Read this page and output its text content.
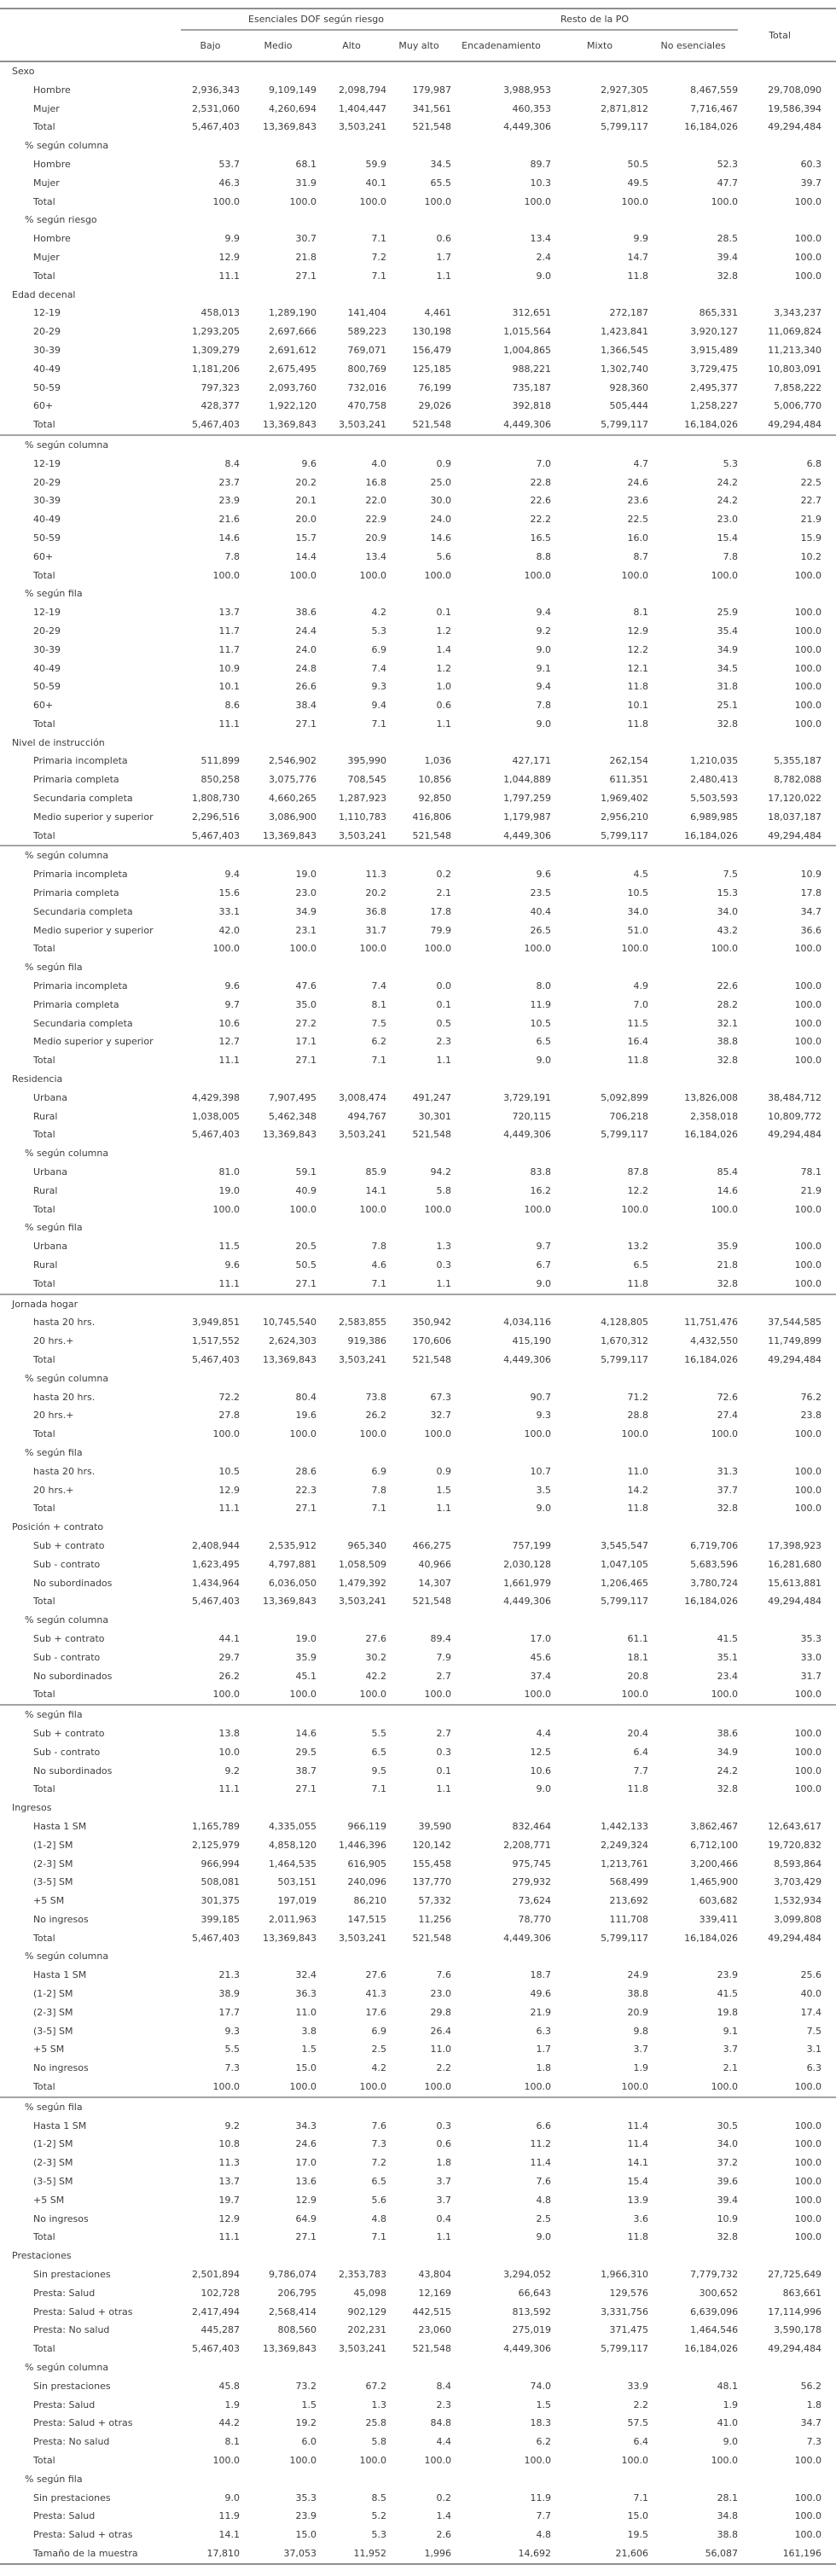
	Esenciales DOF según riesgo				Resto de la PO			Total
	Bajo	Medio	Alto	Muy alto	Encadenamiento	Mixto	No esenciales	
Sexo								
Hombre	2,936,343	9,109,149	2,098,794	179,987	3,988,953	2,927,305	8,467,559	29,708,090
Mujer	2,531,060	4,260,694	1,404,447	341,561	460,353	2,871,812	7,716,467	19,586,394
Total	5,467,403	13,369,843	3,503,241	521,548	4,449,306	5,799,117	16,184,026	49,294,484
% según columna								
Hombre	53.7	68.1	59.9	34.5	89.7	50.5	52.3	60.3
Mujer	46.3	31.9	40.1	65.5	10.3	49.5	47.7	39.7
Total	100.0	100.0	100.0	100.0	100.0	100.0	100.0	100.0
% según riesgo								
Hombre	9.9	30.7	7.1	0.6	13.4	9.9	28.5	100.0
Mujer	12.9	21.8	7.2	1.7	2.4	14.7	39.4	100.0
Total	11.1	27.1	7.1	1.1	9.0	11.8	32.8	100.0
Edad decenal								
12-19	458,013	1,289,190	141,404	4,461	312,651	272,187	865,331	3,343,237
20-29	1,293,205	2,697,666	589,223	130,198	1,015,564	1,423,841	3,920,127	11,069,824
30-39	1,309,279	2,691,612	769,071	156,479	1,004,865	1,366,545	3,915,489	11,213,340
40-49	1,181,206	2,675,495	800,769	125,185	988,221	1,302,740	3,729,475	10,803,091
50-59	797,323	2,093,760	732,016	76,199	735,187	928,360	2,495,377	7,858,222
60+	428,377	1,922,120	470,758	29,026	392,818	505,444	1,258,227	5,006,770
Total	5,467,403	13,369,843	3,503,241	521,548	4,449,306	5,799,117	16,184,026	49,294,484
% según columna								
12-19	8.4	9.6	4.0	0.9	7.0	4.7	5.3	6.8
20-29	23.7	20.2	16.8	25.0	22.8	24.6	24.2	22.5
30-39	23.9	20.1	22.0	30.0	22.6	23.6	24.2	22.7
40-49	21.6	20.0	22.9	24.0	22.2	22.5	23.0	21.9
50-59	14.6	15.7	20.9	14.6	16.5	16.0	15.4	15.9
60+	7.8	14.4	13.4	5.6	8.8	8.7	7.8	10.2
Total	100.0	100.0	100.0	100.0	100.0	100.0	100.0	100.0
% según fila								
12-19	13.7	38.6	4.2	0.1	9.4	8.1	25.9	100.0
20-29	11.7	24.4	5.3	1.2	9.2	12.9	35.4	100.0
30-39	11.7	24.0	6.9	1.4	9.0	12.2	34.9	100.0
40-49	10.9	24.8	7.4	1.2	9.1	12.1	34.5	100.0
50-59	10.1	26.6	9.3	1.0	9.4	11.8	31.8	100.0
60+	8.6	38.4	9.4	0.6	7.8	10.1	25.1	100.0
Total	11.1	27.1	7.1	1.1	9.0	11.8	32.8	100.0
Nivel de instrucción								
Primaria incompleta	511,899	2,546,902	395,990	1,036	427,171	262,154	1,210,035	5,355,187
Primaria completa	850,258	3,075,776	708,545	10,856	1,044,889	611,351	2,480,413	8,782,088
Secundaria completa	1,808,730	4,660,265	1,287,923	92,850	1,797,259	1,969,402	5,503,593	17,120,022
Medio superior y superior	2,296,516	3,086,900	1,110,783	416,806	1,179,987	2,956,210	6,989,985	18,037,187
Total	5,467,403	13,369,843	3,503,241	521,548	4,449,306	5,799,117	16,184,026	49,294,484
% según columna								
Primaria incompleta	9.4	19.0	11.3	0.2	9.6	4.5	7.5	10.9
Primaria completa	15.6	23.0	20.2	2.1	23.5	10.5	15.3	17.8
Secundaria completa	33.1	34.9	36.8	17.8	40.4	34.0	34.0	34.7
Medio superior y superior	42.0	23.1	31.7	79.9	26.5	51.0	43.2	36.6
Total	100.0	100.0	100.0	100.0	100.0	100.0	100.0	100.0
% según fila								
Primaria incompleta	9.6	47.6	7.4	0.0	8.0	4.9	22.6	100.0
Primaria completa	9.7	35.0	8.1	0.1	11.9	7.0	28.2	100.0
Secundaria completa	10.6	27.2	7.5	0.5	10.5	11.5	32.1	100.0
Medio superior y superior	12.7	17.1	6.2	2.3	6.5	16.4	38.8	100.0
Total	11.1	27.1	7.1	1.1	9.0	11.8	32.8	100.0
Residencia								
Urbana	4,429,398	7,907,495	3,008,474	491,247	3,729,191	5,092,899	13,826,008	38,484,712
Rural	1,038,005	5,462,348	494,767	30,301	720,115	706,218	2,358,018	10,809,772
Total	5,467,403	13,369,843	3,503,241	521,548	4,449,306	5,799,117	16,184,026	49,294,484
% según columna								
Urbana	81.0	59.1	85.9	94.2	83.8	87.8	85.4	78.1
Rural	19.0	40.9	14.1	5.8	16.2	12.2	14.6	21.9
Total	100.0	100.0	100.0	100.0	100.0	100.0	100.0	100.0
% según fila								
Urbana	11.5	20.5	7.8	1.3	9.7	13.2	35.9	100.0
Rural	9.6	50.5	4.6	0.3	6.7	6.5	21.8	100.0
Total	11.1	27.1	7.1	1.1	9.0	11.8	32.8	100.0
Jornada hogar								
hasta 20 hrs.	3,949,851	10,745,540	2,583,855	350,942	4,034,116	4,128,805	11,751,476	37,544,585
20 hrs.+	1,517,552	2,624,303	919,386	170,606	415,190	1,670,312	4,432,550	11,749,899
Total	5,467,403	13,369,843	3,503,241	521,548	4,449,306	5,799,117	16,184,026	49,294,484
% según columna								
hasta 20 hrs.	72.2	80.4	73.8	67.3	90.7	71.2	72.6	76.2
20 hrs.+	27.8	19.6	26.2	32.7	9.3	28.8	27.4	23.8
Total	100.0	100.0	100.0	100.0	100.0	100.0	100.0	100.0
% según fila								
hasta 20 hrs.	10.5	28.6	6.9	0.9	10.7	11.0	31.3	100.0
20 hrs.+	12.9	22.3	7.8	1.5	3.5	14.2	37.7	100.0
Total	11.1	27.1	7.1	1.1	9.0	11.8	32.8	100.0
Posición + contrato								
Sub + contrato	2,408,944	2,535,912	965,340	466,275	757,199	3,545,547	6,719,706	17,398,923
Sub - contrato	1,623,495	4,797,881	1,058,509	40,966	2,030,128	1,047,105	5,683,596	16,281,680
No subordinados	1,434,964	6,036,050	1,479,392	14,307	1,661,979	1,206,465	3,780,724	15,613,881
Total	5,467,403	13,369,843	3,503,241	521,548	4,449,306	5,799,117	16,184,026	49,294,484
% según columna								
Sub + contrato	44.1	19.0	27.6	89.4	17.0	61.1	41.5	35.3
Sub - contrato	29.7	35.9	30.2	7.9	45.6	18.1	35.1	33.0
No subordinados	26.2	45.1	42.2	2.7	37.4	20.8	23.4	31.7
Total	100.0	100.0	100.0	100.0	100.0	100.0	100.0	100.0
% según fila								
Sub + contrato	13.8	14.6	5.5	2.7	4.4	20.4	38.6	100.0
Sub - contrato	10.0	29.5	6.5	0.3	12.5	6.4	34.9	100.0
No subordinados	9.2	38.7	9.5	0.1	10.6	7.7	24.2	100.0
Total	11.1	27.1	7.1	1.1	9.0	11.8	32.8	100.0
Ingresos								
Hasta 1 SM	1,165,789	4,335,055	966,119	39,590	832,464	1,442,133	3,862,467	12,643,617
(1-2] SM	2,125,979	4,858,120	1,446,396	120,142	2,208,771	2,249,324	6,712,100	19,720,832
(2-3] SM	966,994	1,464,535	616,905	155,458	975,745	1,213,761	3,200,466	8,593,864
(3-5] SM	508,081	503,151	240,096	137,770	279,932	568,499	1,465,900	3,703,429
+5 SM	301,375	197,019	86,210	57,332	73,624	213,692	603,682	1,532,934
No ingresos	399,185	2,011,963	147,515	11,256	78,770	111,708	339,411	3,099,808
Total	5,467,403	13,369,843	3,503,241	521,548	4,449,306	5,799,117	16,184,026	49,294,484
% según columna								
Hasta 1 SM	21.3	32.4	27.6	7.6	18.7	24.9	23.9	25.6
(1-2] SM	38.9	36.3	41.3	23.0	49.6	38.8	41.5	40.0
(2-3] SM	17.7	11.0	17.6	29.8	21.9	20.9	19.8	17.4
(3-5] SM	9.3	3.8	6.9	26.4	6.3	9.8	9.1	7.5
+5 SM	5.5	1.5	2.5	11.0	1.7	3.7	3.7	3.1
No ingresos	7.3	15.0	4.2	2.2	1.8	1.9	2.1	6.3
Total	100.0	100.0	100.0	100.0	100.0	100.0	100.0	100.0
% según fila								
Hasta 1 SM	9.2	34.3	7.6	0.3	6.6	11.4	30.5	100.0
(1-2] SM	10.8	24.6	7.3	0.6	11.2	11.4	34.0	100.0
(2-3] SM	11.3	17.0	7.2	1.8	11.4	14.1	37.2	100.0
(3-5] SM	13.7	13.6	6.5	3.7	7.6	15.4	39.6	100.0
+5 SM	19.7	12.9	5.6	3.7	4.8	13.9	39.4	100.0
No ingresos	12.9	64.9	4.8	0.4	2.5	3.6	10.9	100.0
Total	11.1	27.1	7.1	1.1	9.0	11.8	32.8	100.0
Prestaciones								
Sin prestaciones	2,501,894	9,786,074	2,353,783	43,804	3,294,052	1,966,310	7,779,732	27,725,649
Presta: Salud	102,728	206,795	45,098	12,169	66,643	129,576	300,652	863,661
Presta: Salud + otras	2,417,494	2,568,414	902,129	442,515	813,592	3,331,756	6,639,096	17,114,996
Presta: No salud	445,287	808,560	202,231	23,060	275,019	371,475	1,464,546	3,590,178
Total	5,467,403	13,369,843	3,503,241	521,548	4,449,306	5,799,117	16,184,026	49,294,484
% según columna								
Sin prestaciones	45.8	73.2	67.2	8.4	74.0	33.9	48.1	56.2
Presta: Salud	1.9	1.5	1.3	2.3	1.5	2.2	1.9	1.8
Presta: Salud + otras	44.2	19.2	25.8	84.8	18.3	57.5	41.0	34.7
Presta: No salud	8.1	6.0	5.8	4.4	6.2	6.4	9.0	7.3
Total	100.0	100.0	100.0	100.0	100.0	100.0	100.0	100.0
% según fila								
Sin prestaciones	9.0	35.3	8.5	0.2	11.9	7.1	28.1	100.0
Presta: Salud	11.9	23.9	5.2	1.4	7.7	15.0	34.8	100.0
Presta: Salud + otras	14.1	15.0	5.3	2.6	4.8	19.5	38.8	100.0
Tamaño de la muestra	17,810	37,053	11,952	1,996	14,692	21,606	56,087	161,196
